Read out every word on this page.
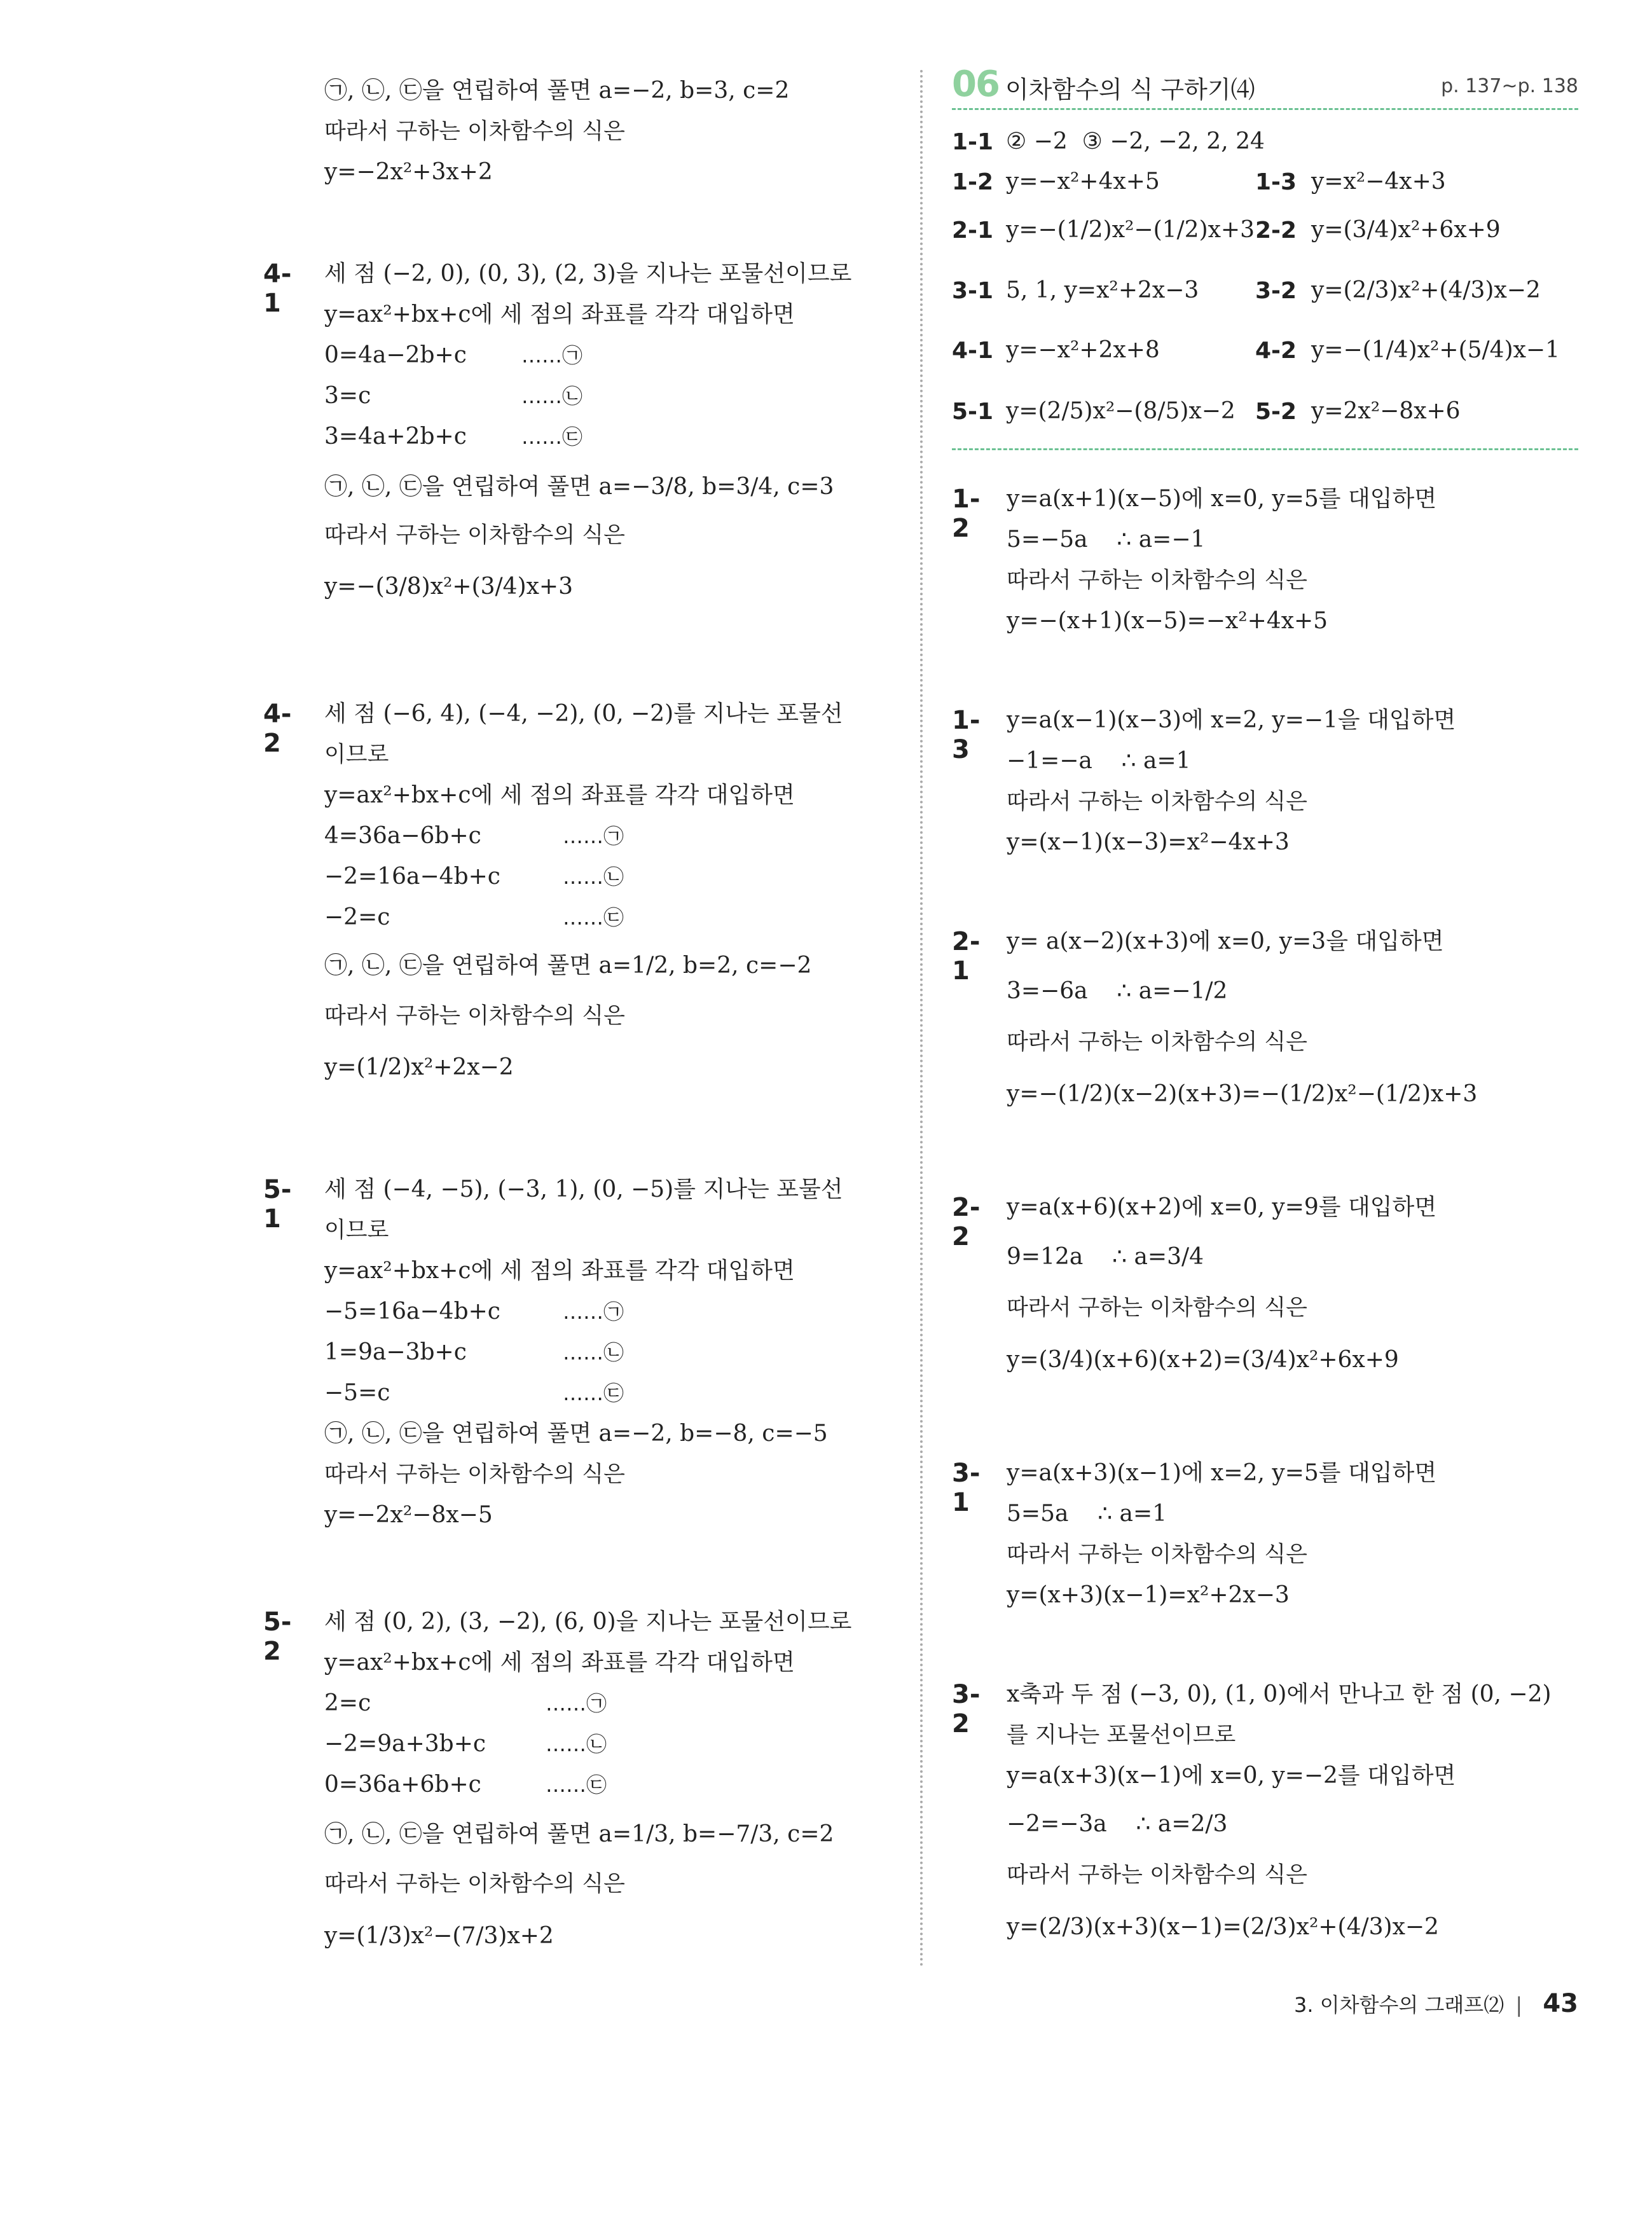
㉠, ㉡, ㉢을 연립하여 풀면 a=−2, b=3, c=2
따라서 구하는 이차함수의 식은
y=−2x²+3x+2
4-1
세 점 (−2, 0), (0, 3), (2, 3)을 지나는 포물선이므로
y=ax²+bx+c에 세 점의 좌표를 각각 대입하면
0=4a−2b+c	……㉠
3=c	……㉡
3=4a+2b+c	……㉢
㉠, ㉡, ㉢을 연립하여 풀면 a=−3/8, b=3/4, c=3
따라서 구하는 이차함수의 식은
y=−(3/8)x²+(3/4)x+3
4-2
세 점 (−6, 4), (−4, −2), (0, −2)를 지나는 포물선
이므로
y=ax²+bx+c에 세 점의 좌표를 각각 대입하면
4=36a−6b+c	……㉠
−2=16a−4b+c	……㉡
−2=c	……㉢
㉠, ㉡, ㉢을 연립하여 풀면 a=1/2, b=2, c=−2
따라서 구하는 이차함수의 식은
y=(1/2)x²+2x−2
5-1
세 점 (−4, −5), (−3, 1), (0, −5)를 지나는 포물선
이므로
y=ax²+bx+c에 세 점의 좌표를 각각 대입하면
−5=16a−4b+c	……㉠
1=9a−3b+c	……㉡
−5=c	……㉢
㉠, ㉡, ㉢을 연립하여 풀면 a=−2, b=−8, c=−5
따라서 구하는 이차함수의 식은
y=−2x²−8x−5
5-2
세 점 (0, 2), (3, −2), (6, 0)을 지나는 포물선이므로
y=ax²+bx+c에 세 점의 좌표를 각각 대입하면
2=c	……㉠
−2=9a+3b+c	……㉡
0=36a+6b+c	……㉢
㉠, ㉡, ㉢을 연립하여 풀면 a=1/3, b=−7/3, c=2
따라서 구하는 이차함수의 식은
y=(1/3)x²−(7/3)x+2
06 이차함수의 식 구하기⑷	p. 137~p. 138
1-1 ② −2  ③ −2, −2, 2, 24
1-2 y=−x²+4x+5	1-3 y=x²−4x+3
2-1 y=−(1/2)x²−(1/2)x+3 2-2 y=(3/4)x²+6x+9
3-1 5, 1, y=x²+2x−3 3-2 y=(2/3)x²+(4/3)x−2
4-1 y=−x²+2x+8	4-2 y=−(1/4)x²+(5/4)x−1
5-1 y=(2/5)x²−(8/5)x−2 5-2 y=2x²−8x+6
1-2
y=a(x+1)(x−5)에 x=0, y=5를 대입하면
5=−5a    ∴ a=−1
따라서 구하는 이차함수의 식은
y=−(x+1)(x−5)=−x²+4x+5
1-3
y=a(x−1)(x−3)에 x=2, y=−1을 대입하면
−1=−a    ∴ a=1
따라서 구하는 이차함수의 식은
y=(x−1)(x−3)=x²−4x+3
2-1
y= a(x−2)(x+3)에 x=0, y=3을 대입하면
3=−6a    ∴ a=−1/2
따라서 구하는 이차함수의 식은
y=−(1/2)(x−2)(x+3)=−(1/2)x²−(1/2)x+3
2-2
y=a(x+6)(x+2)에 x=0, y=9를 대입하면
9=12a    ∴ a=3/4
따라서 구하는 이차함수의 식은
y=(3/4)(x+6)(x+2)=(3/4)x²+6x+9
3-1
y=a(x+3)(x−1)에 x=2, y=5를 대입하면
5=5a    ∴ a=1
따라서 구하는 이차함수의 식은
y=(x+3)(x−1)=x²+2x−3
3-2
x축과 두 점 (−3, 0), (1, 0)에서 만나고 한 점 (0, −2)
를 지나는 포물선이므로
y=a(x+3)(x−1)에 x=0, y=−2를 대입하면
−2=−3a    ∴ a=2/3
따라서 구하는 이차함수의 식은
y=(2/3)(x+3)(x−1)=(2/3)x²+(4/3)x−2
3. 이차함수의 그래프⑵ | 43
